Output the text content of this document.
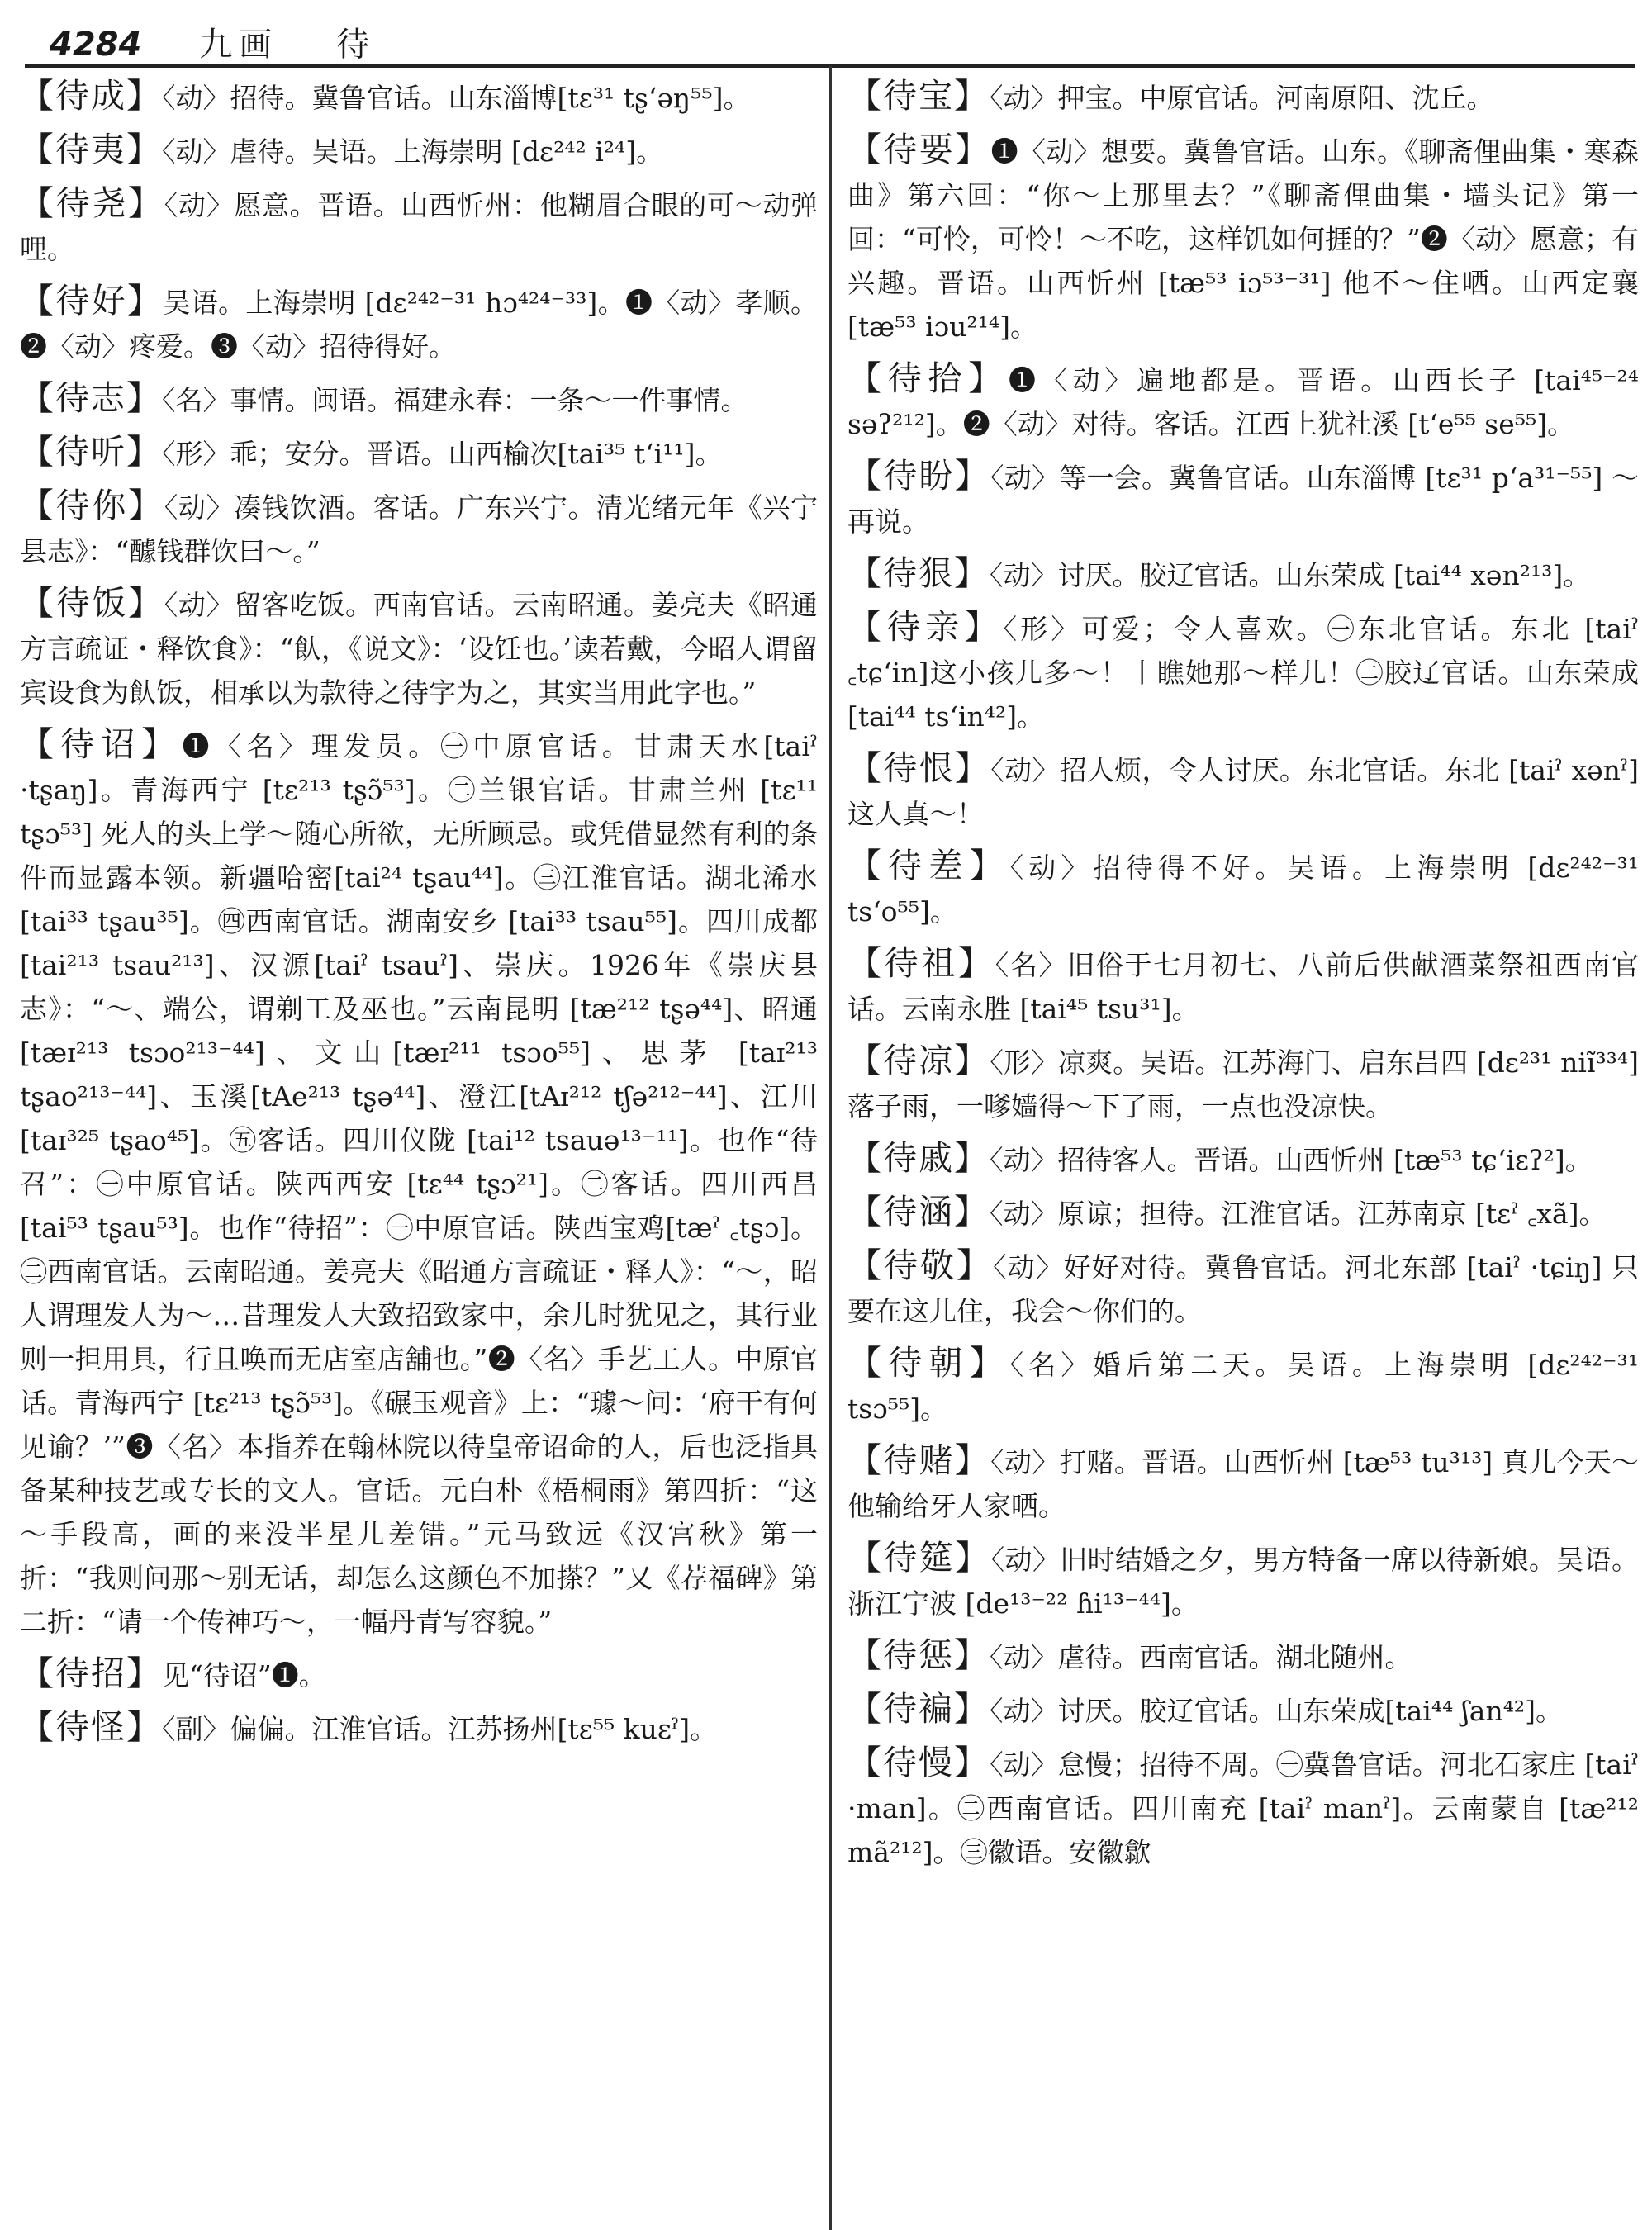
4284 九画 待

【待成】〈动〉招待。冀鲁官话。山东淄博[tɛ³¹ tʂʻəŋ⁵⁵]。

【待夷】〈动〉虐待。吴语。上海崇明 [dɛ²⁴² i²⁴]。

【待尧】〈动〉愿意。晋语。山西忻州：他糊眉合眼的可～动弹哩。

【待好】吴语。上海崇明 [dɛ²⁴²⁻³¹ hɔ⁴²⁴⁻³³]。❶〈动〉孝顺。❷〈动〉疼爱。❸〈动〉招待得好。

【待志】〈名〉事情。闽语。福建永春：一条～一件事情。

【待听】〈形〉乖；安分。晋语。山西榆次[tai³⁵ tʻi¹¹]。

【待你】〈动〉凑钱饮酒。客话。广东兴宁。清光绪元年《兴宁县志》：“醵钱群饮曰～。”

【待饭】〈动〉留客吃饭。西南官话。云南昭通。姜亮夫《昭通方言疏证・释饮食》：“飤，《说文》：‘设饪也。’读若戴，今昭人谓留宾设食为飤饭，相承以为款待之待字为之，其实当用此字也。”

【待诏】❶〈名〉理发员。㊀中原官话。甘肃天水[taiˀ ·tʂaŋ]。青海西宁 [tɛ²¹³ tʂɔ̃⁵³]。㊁兰银官话。甘肃兰州 [tɛ¹¹ tʂɔ⁵³] 死人的头上学～随心所欲，无所顾忌。或凭借显然有利的条件而显露本领。新疆哈密[tai²⁴ tʂau⁴⁴]。㊂江淮官话。湖北浠水 [tai³³ tʂau³⁵]。㊃西南官话。湖南安乡 [tai³³ tsau⁵⁵]。四川成都[tai²¹³ tsau²¹³]、汉源[taiˀ tsauˀ]、崇庆。1926年《崇庆县志》：“～、端公，谓剃工及巫也。”云南昆明 [tæ²¹² tʂə⁴⁴]、昭通 [tæɪ²¹³ tsɔo²¹³⁻⁴⁴]、文山[tæɪ²¹¹ tsɔo⁵⁵]、思茅 [taɪ²¹³ tʂao²¹³⁻⁴⁴]、玉溪[tAe²¹³ tʂə⁴⁴]、澄江[tAɪ²¹² tʃə²¹²⁻⁴⁴]、江川[taɪ³²⁵ tʂao⁴⁵]。㊄客话。四川仪陇 [tai¹² tsauə¹³⁻¹¹]。也作“待召”：㊀中原官话。陕西西安 [tɛ⁴⁴ tʂɔ²¹]。㊁客话。四川西昌 [tai⁵³ tʂau⁵³]。也作“待招”：㊀中原官话。陕西宝鸡[tæˀ ꜀tʂɔ]。㊁西南官话。云南昭通。姜亮夫《昭通方言疏证・释人》：“～，昭人谓理发人为～…昔理发人大致招致家中，余儿时犹见之，其行业则一担用具，行且唤而无店室店舖也。”❷〈名〉手艺工人。中原官话。青海西宁 [tɛ²¹³ tʂɔ̃⁵³]。《碾玉观音》上：“璩～问：‘府干有何见谕？’”❸〈名〉本指养在翰林院以待皇帝诏命的人，后也泛指具备某种技艺或专长的文人。官话。元白朴《梧桐雨》第四折：“这～手段高，画的来没半星儿差错。”元马致远《汉宫秋》第一折：“我则问那～别无话，却怎么这颜色不加搽？”又《荐福碑》第二折：“请一个传神巧～，一幅丹青写容貌。”

【待招】见“待诏”❶。

【待怪】〈副〉偏偏。江淮官话。江苏扬州[tɛ⁵⁵ kuɛˀ]。

【待宝】〈动〉押宝。中原官话。河南原阳、沈丘。

【待要】❶〈动〉想要。冀鲁官话。山东。《聊斋俚曲集・寒森曲》第六回：“你～上那里去？”《聊斋俚曲集・墙头记》第一回：“可怜，可怜！～不吃，这样饥如何捱的？”❷〈动〉愿意；有兴趣。晋语。山西忻州 [tæ⁵³ iɔ⁵³⁻³¹] 他不～住哂。山西定襄 [tæ⁵³ iɔu²¹⁴]。

【待拾】❶〈动〉遍地都是。晋语。山西长子 [tai⁴⁵⁻²⁴ səʔ²¹²]。❷〈动〉对待。客话。江西上犹社溪 [tʻe⁵⁵ se⁵⁵]。

【待盼】〈动〉等一会。冀鲁官话。山东淄博 [tɛ³¹ pʻa³¹⁻⁵⁵] ～再说。

【待狠】〈动〉讨厌。胶辽官话。山东荣成 [tai⁴⁴ xən²¹³]。

【待亲】〈形〉可爱；令人喜欢。㊀东北官话。东北 [taiˀ ꜀tɕʻin]这小孩儿多～！丨瞧她那～样儿！㊁胶辽官话。山东荣成 [tai⁴⁴ tsʻin⁴²]。

【待恨】〈动〉招人烦，令人讨厌。东北官话。东北 [taiˀ xənˀ] 这人真～！

【待差】〈动〉招待得不好。吴语。上海崇明 [dɛ²⁴²⁻³¹ tsʻo⁵⁵]。

【待祖】〈名〉旧俗于七月初七、八前后供献酒菜祭祖西南官话。云南永胜 [tai⁴⁵ tsu³¹]。

【待凉】〈形〉凉爽。吴语。江苏海门、启东吕四 [dɛ²³¹ niĩ³³⁴] 落子雨，一嗲嫱得～下了雨，一点也没凉快。

【待戚】〈动〉招待客人。晋语。山西忻州 [tæ⁵³ tɕʻiɛʔ²]。

【待涵】〈动〉原谅；担待。江淮官话。江苏南京 [tɛˀ ꜀xã]。

【待敬】〈动〉好好对待。冀鲁官话。河北东部 [taiˀ ·tɕiŋ] 只要在这儿住，我会～你们的。

【待朝】〈名〉婚后第二天。吴语。上海崇明 [dɛ²⁴²⁻³¹ tsɔ⁵⁵]。

【待赌】〈动〉打赌。晋语。山西忻州 [tæ⁵³ tu³¹³] 真儿今天～他输给牙人家哂。

【待筵】〈动〉旧时结婚之夕，男方特备一席以待新娘。吴语。浙江宁波 [de¹³⁻²² ɦi¹³⁻⁴⁴]。

【待惩】〈动〉虐待。西南官话。湖北随州。

【待褊】〈动〉讨厌。胶辽官话。山东荣成[tai⁴⁴ ʃan⁴²]。

【待慢】〈动〉怠慢；招待不周。㊀冀鲁官话。河北石家庄 [taiˀ ·man]。㊁西南官话。四川南充 [taiˀ manˀ]。云南蒙自 [tæ²¹² mã²¹²]。㊂徽语。安徽歙
